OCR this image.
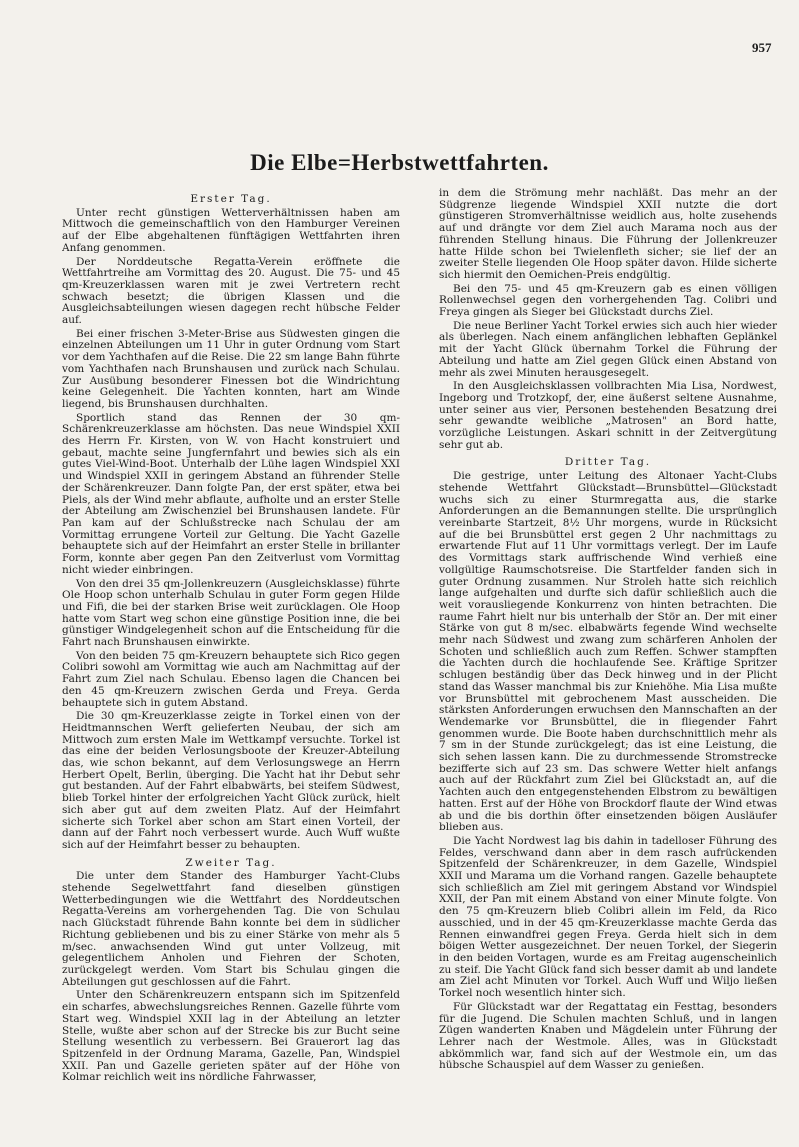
957
Die Elbe=Herbstwettfahrten.
Erster Tag.

Unter recht günstigen Wetterverhältnissen haben am Mittwoch die gemeinschaftlich von den Hamburger Vereinen auf der Elbe abgehaltenen fünftägigen Wettfahrten ihren Anfang genommen.

Der Norddeutsche Regatta-Verein eröffnete die Wettfahrtreihe am Vormittag des 20. August. Die 75- und 45 qm-Kreuzerklassen waren mit je zwei Vertretern recht schwach besetzt; die übrigen Klassen und die Ausgleichsabteilungen wiesen dagegen recht hübsche Felder auf.

Bei einer frischen 3-Meter-Brise aus Südwesten gingen die einzelnen Abteilungen um 11 Uhr in guter Ordnung vom Start vor dem Yachthafen auf die Reise. Die 22 sm lange Bahn führte vom Yachthafen nach Brunshausen und zurück nach Schulau. Zur Ausübung besonderer Finessen bot die Windrichtung keine Gelegenheit. Die Yachten konnten, hart am Winde liegend, bis Brunshausen durchhalten.

Sportlich stand das Rennen der 30 qm-Schärenkreuzerklasse am höchsten. Das neue Windspiel XXII des Herrn Fr. Kirsten, von W. von Hacht konstruiert und gebaut, machte seine Jungfernfahrt und bewies sich als ein gutes Viel-Wind-Boot. Unterhalb der Lühe lagen Windspiel XXI und Windspiel XXII in geringem Abstand an führender Stelle der Schärenkreuzer. Dann folgte Pan, der erst später, etwa bei Piels, als der Wind mehr abflaute, aufholte und an erster Stelle der Abteilung am Zwischenziel bei Brunshausen landete. Für Pan kam auf der Schlußstrecke nach Schulau der am Vormittag errungene Vorteil zur Geltung. Die Yacht Gazelle behauptete sich auf der Heimfahrt an erster Stelle in brillanter Form, konnte aber gegen Pan den Zeitverlust vom Vormittag nicht wieder einbringen.

Von den drei 35 qm-Jollenkreuzern (Ausgleichsklasse) führte Ole Hoop schon unterhalb Schulau in guter Form gegen Hilde und Fifi, die bei der starken Brise weit zurücklagen. Ole Hoop hatte vom Start weg schon eine günstige Position inne, die bei günstiger Windgelegenheit schon auf die Entscheidung für die Fahrt nach Brunshausen einwirkte.

Von den beiden 75 qm-Kreuzern behauptete sich Rico gegen Colibri sowohl am Vormittag wie auch am Nachmittag auf der Fahrt zum Ziel nach Schulau. Ebenso lagen die Chancen bei den 45 qm-Kreuzern zwischen Gerda und Freya. Gerda behauptete sich in gutem Abstand.

Die 30 qm-Kreuzerklasse zeigte in Torkel einen von der Heidtmannschen Werft gelieferten Neubau, der sich am Mittwoch zum ersten Male im Wettkampf versuchte. Torkel ist das eine der beiden Verlosungsboote der Kreuzer-Abteilung das, wie schon bekannt, auf dem Verlosungswege an Herrn Herbert Opelt, Berlin, überging. Die Yacht hat ihr Debut sehr gut bestanden. Auf der Fahrt elbabwärts, bei steifem Südwest, blieb Torkel hinter der erfolgreichen Yacht Glück zurück, hielt sich aber gut auf dem zweiten Platz. Auf der Heimfahrt sicherte sich Torkel aber schon am Start einen Vorteil, der dann auf der Fahrt noch verbessert wurde. Auch Wuff wußte sich auf der Heimfahrt besser zu behaupten.

Zweiter Tag.

Die unter dem Stander des Hamburger Yacht-Clubs stehende Segelwettfahrt fand dieselben günstigen Wetterbedingungen wie die Wettfahrt des Norddeutschen Regatta-Vereins am vorhergehenden Tag. Die von Schulau nach Glückstadt führende Bahn konnte bei dem in südlicher Richtung gebliebenen und bis zu einer Stärke von mehr als 5 m/sec. anwachsenden Wind gut unter Vollzeug, mit gelegentlichem Anholen und Fiehren der Schoten, zurückgelegt werden. Vom Start bis Schulau gingen die Abteilungen gut geschlossen auf die Fahrt.

Unter den Schärenkreuzern entspann sich im Spitzenfeld ein scharfes, abwechslungsreiches Rennen. Gazelle führte vom Start weg. Windspiel XXII lag in der Abteilung an letzter Stelle, wußte aber schon auf der Strecke bis zur Bucht seine Stellung wesentlich zu verbessern. Bei Grauerort lag das Spitzenfeld in der Ordnung Marama, Gazelle, Pan, Windspiel XXII. Pan und Gazelle gerieten später auf der Höhe von Kolmar reichlich weit ins nördliche Fahrwasser,

in dem die Strömung mehr nachläßt. Das mehr an der Südgrenze liegende Windspiel XXII nutzte die dort günstigeren Stromverhältnisse weidlich aus, holte zusehends auf und drängte vor dem Ziel auch Marama noch aus der führenden Stellung hinaus. Die Führung der Jollenkreuzer hatte Hilde schon bei Twielenfleth sicher; sie lief der an zweiter Stelle liegenden Ole Hoop später davon. Hilde sicherte sich hiermit den Oemichen-Preis endgültig.

Bei den 75- und 45 qm-Kreuzern gab es einen völligen Rollenwechsel gegen den vorhergehenden Tag. Colibri und Freya gingen als Sieger bei Glückstadt durchs Ziel.

Die neue Berliner Yacht Torkel erwies sich auch hier wieder als überlegen. Nach einem anfänglichen lebhaften Geplänkel mit der Yacht Glück übernahm Torkel die Führung der Abteilung und hatte am Ziel gegen Glück einen Abstand von mehr als zwei Minuten herausgesegelt.

In den Ausgleichsklassen vollbrachten Mia Lisa, Nordwest, Ingeborg und Trotzkopf, der, eine äußerst seltene Ausnahme, unter seiner aus vier, Personen bestehenden Besatzung drei sehr gewandte weibliche „Matrosen" an Bord hatte, vorzügliche Leistungen. Askari schnitt in der Zeitvergütung sehr gut ab.

Dritter Tag.

Die gestrige, unter Leitung des Altonaer Yacht-Clubs stehende Wettfahrt Glückstadt—Brunsbüttel—Glückstadt wuchs sich zu einer Sturmregatta aus, die starke Anforderungen an die Bemannungen stellte. Die ursprünglich vereinbarte Startzeit, 8½ Uhr morgens, wurde in Rücksicht auf die bei Brunsbüttel erst gegen 2 Uhr nachmittags zu erwartende Flut auf 11 Uhr vormittags verlegt. Der im Laufe des Vormittags stark auffrischende Wind verhieß eine vollgültige Raumschotsreise. Die Startfelder fanden sich in guter Ordnung zusammen. Nur Stroleh hatte sich reichlich lange aufgehalten und durfte sich dafür schließlich auch die weit vorausliegende Konkurrenz von hinten betrachten. Die raume Fahrt hielt nur bis unterhalb der Stör an. Der mit einer Stärke von gut 8 m/sec. elbabwärts fegende Wind wechselte mehr nach Südwest und zwang zum schärferen Anholen der Schoten und schließlich auch zum Reffen. Schwer stampften die Yachten durch die hochlaufende See. Kräftige Spritzer schlugen beständig über das Deck hinweg und in der Plicht stand das Wasser manchmal bis zur Kniehöhe. Mia Lisa mußte vor Brunsbüttel mit gebrochenem Mast ausscheiden. Die stärksten Anforderungen erwuchsen den Mannschaften an der Wendemarke vor Brunsbüttel, die in fliegender Fahrt genommen wurde. Die Boote haben durchschnittlich mehr als 7 sm in der Stunde zurückgelegt; das ist eine Leistung, die sich sehen lassen kann. Die zu durchmessende Stromstrecke bezifferte sich auf 23 sm. Das schwere Wetter hielt anfangs auch auf der Rückfahrt zum Ziel bei Glückstadt an, auf die Yachten auch den entgegenstehenden Elbstrom zu bewältigen hatten. Erst auf der Höhe von Brockdorf flaute der Wind etwas ab und die bis dorthin öfter einsetzenden böigen Ausläufer blieben aus.

Die Yacht Nordwest lag bis dahin in tadelloser Führung des Feldes, verschwand dann aber in dem rasch aufrückenden Spitzenfeld der Schärenkreuzer, in dem Gazelle, Windspiel XXII und Marama um die Vorhand rangen. Gazelle behauptete sich schließlich am Ziel mit geringem Abstand vor Windspiel XXII, der Pan mit einem Abstand von einer Minute folgte. Von den 75 qm-Kreuzern blieb Colibri allein im Feld, da Rico ausschied, und in der 45 qm-Kreuzerklasse machte Gerda das Rennen einwandfrei gegen Freya. Gerda hielt sich in dem böigen Wetter ausgezeichnet. Der neuen Torkel, der Siegerin in den beiden Vortagen, wurde es am Freitag augenscheinlich zu steif. Die Yacht Glück fand sich besser damit ab und landete am Ziel acht Minuten vor Torkel. Auch Wuff und Wiljo ließen Torkel noch wesentlich hinter sich.

Für Glückstadt war der Regattatag ein Festtag, besonders für die Jugend. Die Schulen machten Schluß, und in langen Zügen wanderten Knaben und Mägdelein unter Führung der Lehrer nach der Westmole. Alles, was in Glückstadt abkömmlich war, fand sich auf der Westmole ein, um das hübsche Schauspiel auf dem Wasser zu genießen.
